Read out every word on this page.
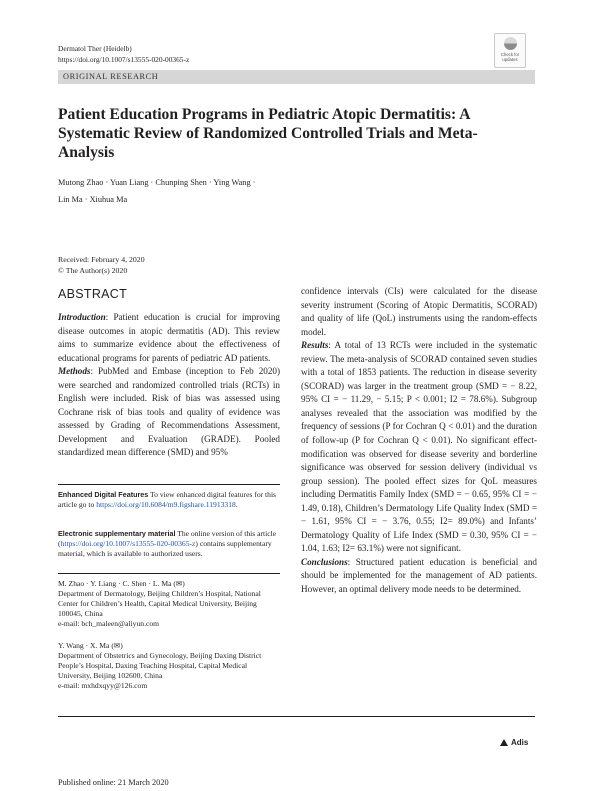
Dermatol Ther (Heidelb)
https://doi.org/10.1007/s13555-020-00365-z
Check for
updates
ORIGINAL RESEARCH
Patient Education Programs in Pediatric Atopic Dermatitis: A Systematic Review of Randomized Controlled Trials and Meta-Analysis
Mutong Zhao · Yuan Liang · Chunping Shen · Ying Wang ·
Lin Ma · Xiuhua Ma
Received: February 4, 2020
© The Author(s) 2020
ABSTRACT

Introduction: Patient education is crucial for improving disease outcomes in atopic dermatitis (AD). This review aims to summarize evidence about the effectiveness of educational programs for parents of pediatric AD patients.

Methods: PubMed and Embase (inception to Feb 2020) were searched and randomized controlled trials (RCTs) in English were included. Risk of bias was assessed using Cochrane risk of bias tools and quality of evidence was assessed by Grading of Recommendations Assessment, Development and Evaluation (GRADE). Pooled standardized mean difference (SMD) and 95%

confidence intervals (CIs) were calculated for the disease severity instrument (Scoring of Atopic Dermatitis, SCORAD) and quality of life (QoL) instruments using the random-effects model.

Results: A total of 13 RCTs were included in the systematic review. The meta-analysis of SCORAD contained seven studies with a total of 1853 patients. The reduction in disease severity (SCORAD) was larger in the treatment group (SMD = − 8.22, 95% CI = − 11.29, − 5.15; P < 0.001; I2 = 78.6%). Subgroup analyses revealed that the association was modified by the frequency of sessions (P for Cochran Q < 0.01) and the duration of follow-up (P for Cochran Q < 0.01). No significant effect-modification was observed for disease severity and borderline significance was observed for session delivery (individual vs group session). The pooled effect sizes for QoL measures including Dermatitis Family Index (SMD = − 0.65, 95% CI = − 1.49, 0.18), Children’s Dermatology Life Quality Index (SMD = − 1.61, 95% CI = − 3.76, 0.55; I2= 89.0%) and Infants’ Dermatology Quality of Life Index (SMD = 0.30, 95% CI = − 1.04, 1.63; I2= 63.1%) were not significant.

Conclusions: Structured patient education is beneficial and should be implemented for the management of AD patients. However, an optimal delivery mode needs to be determined.

Enhanced Digital Features To view enhanced digital features for this article go to https://doi.org/10.6084/m9.figshare.11913318.
Electronic supplementary material The online version of this article (https://doi.org/10.1007/s13555-020-00365-z) contains supplementary material, which is available to authorized users.

M. Zhao · Y. Liang · C. Shen · L. Ma (✉)

Department of Dermatology, Beijing Children’s Hospital, National Center for Children’s Health, Capital Medical University, Beijing 100045, China

e-mail: bch_maleen@aliyun.com

Y. Wang · X. Ma (✉)

Department of Obstetrics and Gynecology, Beijing Daxing District People’s Hospital, Daxing Teaching Hospital, Capital Medical University, Beijing 102600, China

e-mail: mxhdxqyy@126.com

Adis
Published online: 21 March 2020
